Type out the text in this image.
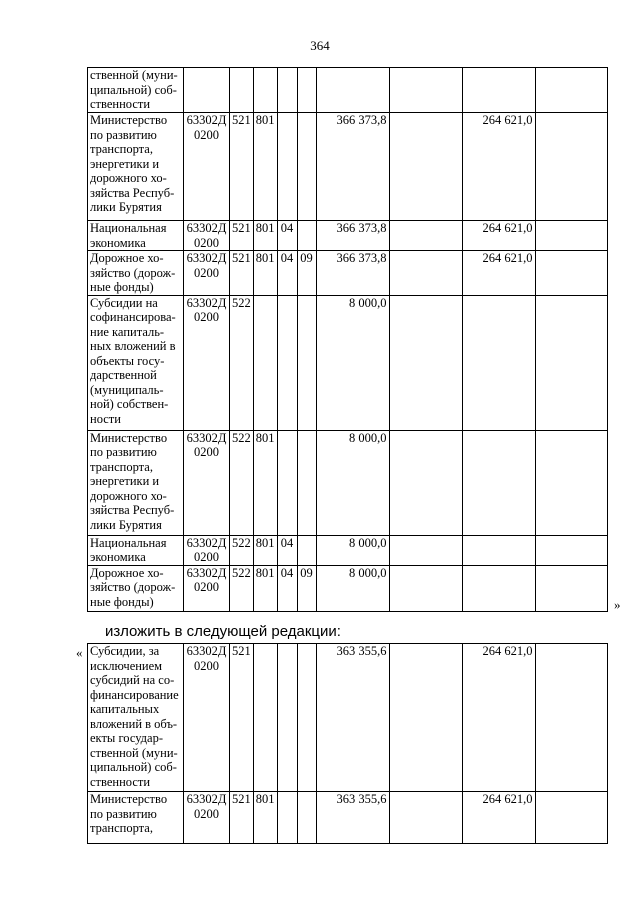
364
ственной (муни-ципальной) соб-ственности									
Министерство по развитию транспорта, энергетики и дорожного хо-зяйства Респуб-лики Бурятия	63302Д 0200	521	801			366 373,8		264 621,0	
Национальная экономика	63302Д 0200	521	801	04		366 373,8		264 621,0	
Дорожное хо-зяйство (дорож-ные фонды)	63302Д 0200	521	801	04	09	366 373,8		264 621,0	
Субсидии на софинансирова-ние капиталь-ных вложений в объекты госу-дарственной (муниципаль-ной) собствен-ности	63302Д 0200	522				8 000,0			
Министерство по развитию транспорта, энергетики и дорожного хо-зяйства Респуб-лики Бурятия	63302Д 0200	522	801			8 000,0			
Национальная экономика	63302Д 0200	522	801	04		8 000,0			
Дорожное хо-зяйство (дорож-ные фонды)	63302Д 0200	522	801	04	09	8 000,0			
»
изложить в следующей редакции:
« Субсидии, за исключением субсидий на со-финансирование капитальных вложений в объ-екты государ-ственной (муни-ципальной) соб-ственности	63302Д 0200	521				363 355,6		264 621,0	
Министерство по развитию транспорта,	63302Д 0200	521	801			363 355,6		264 621,0	
